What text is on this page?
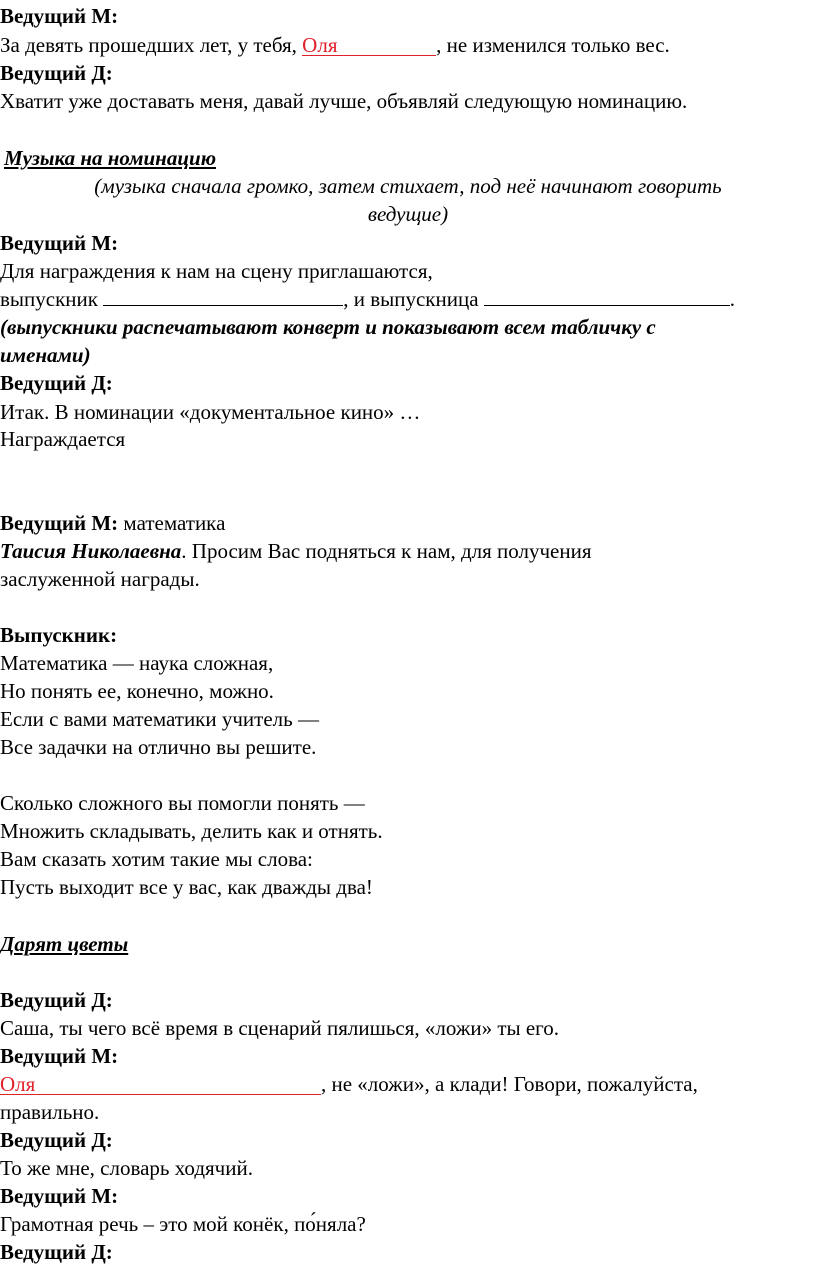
Ведущий М:
За девять прошедших лет, у тебя, Оля	, не изменился только вес.
Ведущий Д:
Хватит уже доставать меня, давай лучше, объявляй следующую номинацию.
Музыка на номинацию
(музыка сначала громко, затем стихает, под неё начинают говорить
ведущие)
Ведущий М:
Для награждения к нам на сцену приглашаются,
выпускник	, и выпускница	.
(выпускники распечатывают конверт и показывают всем табличку с
именами)
Ведущий Д:
Итак. В номинации «документальное кино» …
Награждается
Ведущий М: математика
Таисия Николаевна. Просим Вас подняться к нам, для получения
заслуженной награды.
Выпускник:
Математика — наука сложная,
Но понять ее, конечно, можно.
Если с вами математики учитель —
Все задачки на отлично вы решите.
Сколько сложного вы помогли понять —
Множить складывать, делить как и отнять.
Вам сказать хотим такие мы слова:
Пусть выходит все у вас, как дважды два!
Дарят цветы
Ведущий Д:
Саша, ты чего всё время в сценарий пялишься, «ложи» ты его.
Ведущий М:
Оля	, не «ложи», а клади! Говори, пожалуйста,
правильно.
Ведущий Д:
То же мне, словарь ходячий.
Ведущий М:
Грамотная речь – это мой конёк, по́няла?
Ведущий Д:
